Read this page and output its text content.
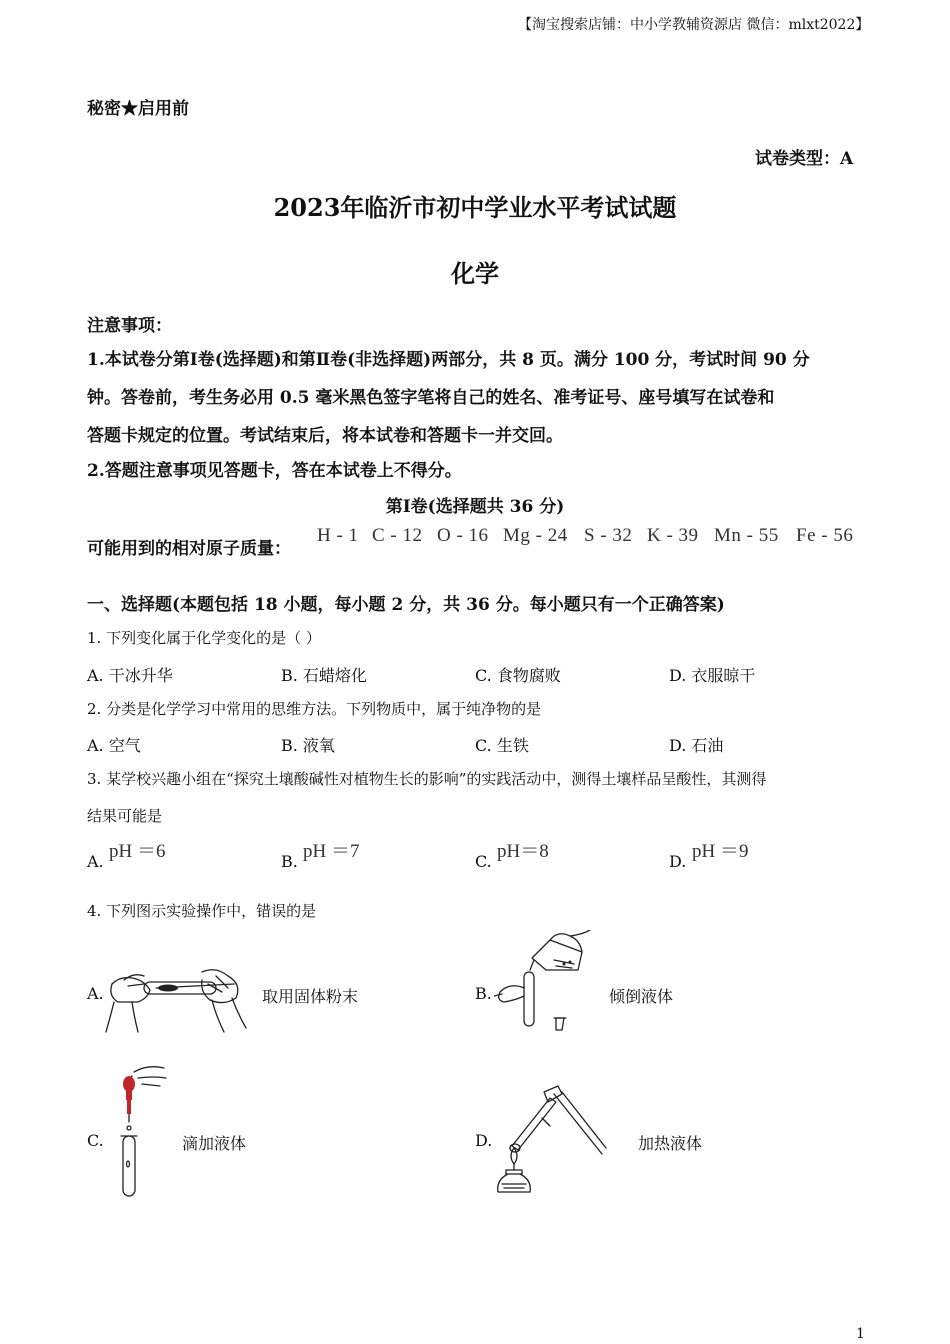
【淘宝搜索店铺：中小学教辅资源店 微信：mlxt2022】
秘密★启用前
试卷类型：A
2023年临沂市初中学业水平考试试题
化学
注意事项：
1.本试卷分第Ⅰ卷(选择题)和第Ⅱ卷(非选择题)两部分，共 8 页。满分 100 分，考试时间 90 分
钟。答卷前，考生务必用 0.5 毫米黑色签字笔将自己的姓名、准考证号、座号填写在试卷和
答题卡规定的位置。考试结束后，将本试卷和答题卡一并交回。
2.答题注意事项见答题卡，答在本试卷上不得分。
第Ⅰ卷(选择题共 36 分)
可能用到的相对原子质量：
H - 1 C - 12 O - 16 Mg - 24 S - 32 K - 39 Mn - 55 Fe - 56
一、选择题(本题包括 18 小题，每小题 2 分，共 36 分。每小题只有一个正确答案)
1. 下列变化属于化学变化的是（ ）
A. 干冰升华	B. 石蜡熔化	C. 食物腐败	D. 衣服晾干
2. 分类是化学学习中常用的思维方法。下列物质中，属于纯净物的是
A. 空气	B. 液氧	C. 生铁	D. 石油
3. 某学校兴趣小组在“探究土壤酸碱性对植物生长的影响”的实践活动中，测得土壤样品呈酸性，其测得
结果可能是
A. pH ＝6	B. pH ＝7	C. pH＝8	D. pH ＝9
4. 下列图示实验操作中，错误的是
A.	取用固体粉末	B.	倾倒液体
C.	滴加液体	D.	加热液体
1
